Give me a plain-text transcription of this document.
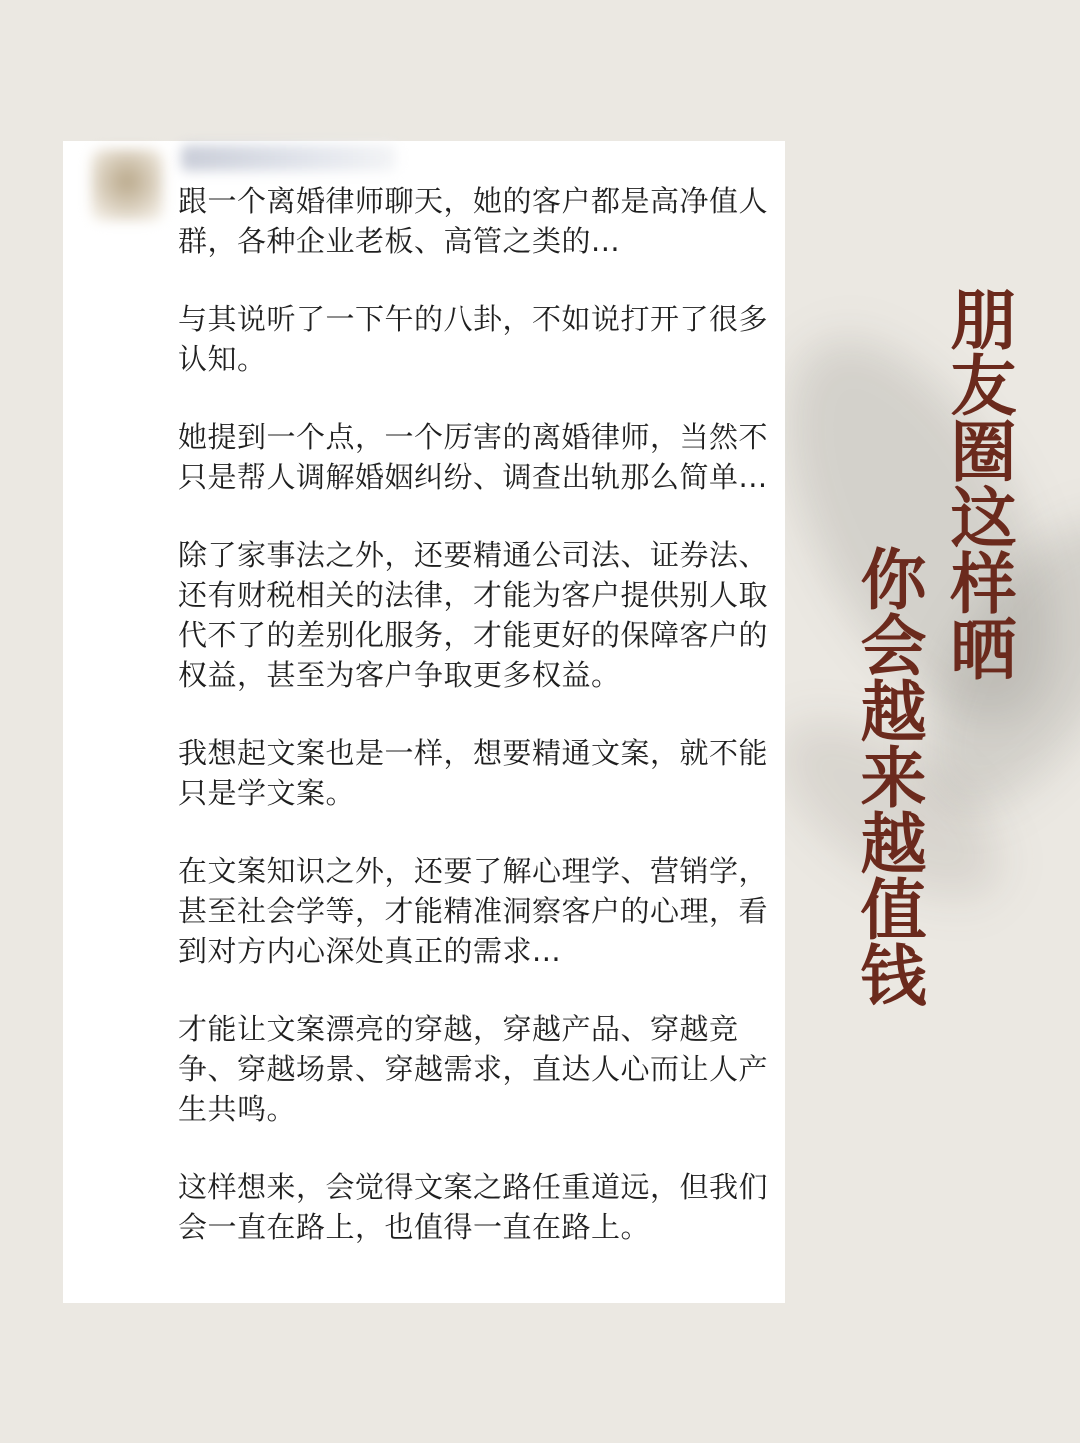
跟一个离婚律师聊天，她的客户都是高净值人群，各种企业老板、高管之类的...

与其说听了一下午的八卦，不如说打开了很多认知。

她提到一个点，一个厉害的离婚律师，当然不只是帮人调解婚姻纠纷、调查出轨那么简单...

除了家事法之外，还要精通公司法、证券法、还有财税相关的法律，才能为客户提供别人取代不了的差别化服务，才能更好的保障客户的权益，甚至为客户争取更多权益。

我想起文案也是一样，想要精通文案，就不能只是学文案。

在文案知识之外，还要了解心理学、营销学，甚至社会学等，才能精准洞察客户的心理，看到对方内心深处真正的需求...

才能让文案漂亮的穿越，穿越产品、穿越竞争、穿越场景、穿越需求，直达人心而让人产生共鸣。

这样想来，会觉得文案之路任重道远，但我们会一直在路上，也值得一直在路上。

朋友圈这样晒
你会越来越值钱
